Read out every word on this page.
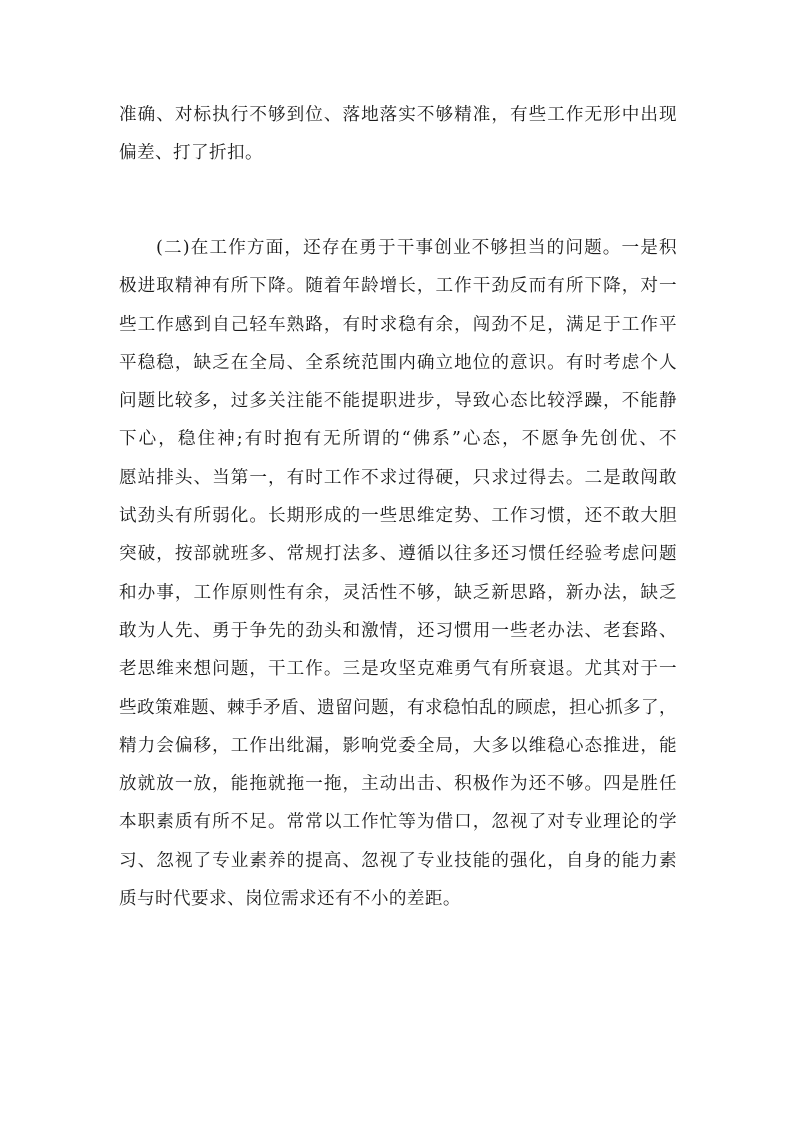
准确、对标执行不够到位、落地落实不够精准，有些工作无形中出现
偏差、打了折扣。
(二)在工作方面，还存在勇于干事创业不够担当的问题。一是积
极进取精神有所下降。随着年龄增长，工作干劲反而有所下降，对一
些工作感到自己轻车熟路，有时求稳有余，闯劲不足，满足于工作平
平稳稳，缺乏在全局、全系统范围内确立地位的意识。有时考虑个人
问题比较多，过多关注能不能提职进步，导致心态比较浮躁，不能静
下心，稳住神;有时抱有无所谓的“佛系”心态，不愿争先创优、不
愿站排头、当第一，有时工作不求过得硬，只求过得去。二是敢闯敢
试劲头有所弱化。长期形成的一些思维定势、工作习惯，还不敢大胆
突破，按部就班多、常规打法多、遵循以往多还习惯任经验考虑问题
和办事，工作原则性有余，灵活性不够，缺乏新思路，新办法，缺乏
敢为人先、勇于争先的劲头和激情，还习惯用一些老办法、老套路、
老思维来想问题，干工作。三是攻坚克难勇气有所衰退。尤其对于一
些政策难题、棘手矛盾、遗留问题，有求稳怕乱的顾虑，担心抓多了，
精力会偏移，工作出纰漏，影响党委全局，大多以维稳心态推进，能
放就放一放，能拖就拖一拖，主动出击、积极作为还不够。四是胜任
本职素质有所不足。常常以工作忙等为借口，忽视了对专业理论的学
习、忽视了专业素养的提高、忽视了专业技能的强化，自身的能力素
质与时代要求、岗位需求还有不小的差距。
